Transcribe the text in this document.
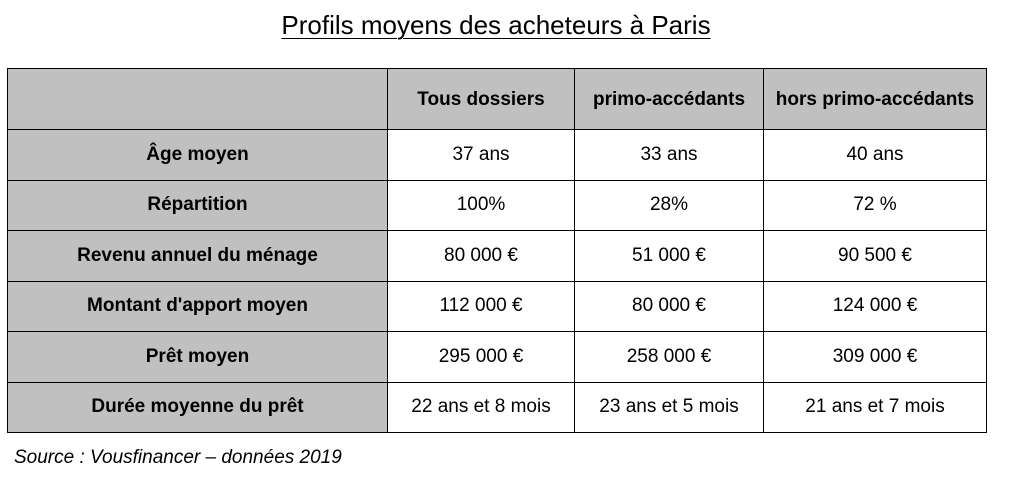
Profils moyens des acheteurs à Paris
	Tous dossiers	primo-accédants	hors primo-accédants
Âge moyen	37 ans	33 ans	40 ans
Répartition	100%	28%	72 %
Revenu annuel du ménage	80 000 €	51 000 €	90 500 €
Montant d'apport moyen	112 000 €	80 000 €	124 000 €
Prêt moyen	295 000 €	258 000 €	309 000 €
Durée moyenne du prêt	22 ans et 8 mois	23 ans et 5 mois	21 ans et 7 mois
Source : Vousfinancer – données 2019
